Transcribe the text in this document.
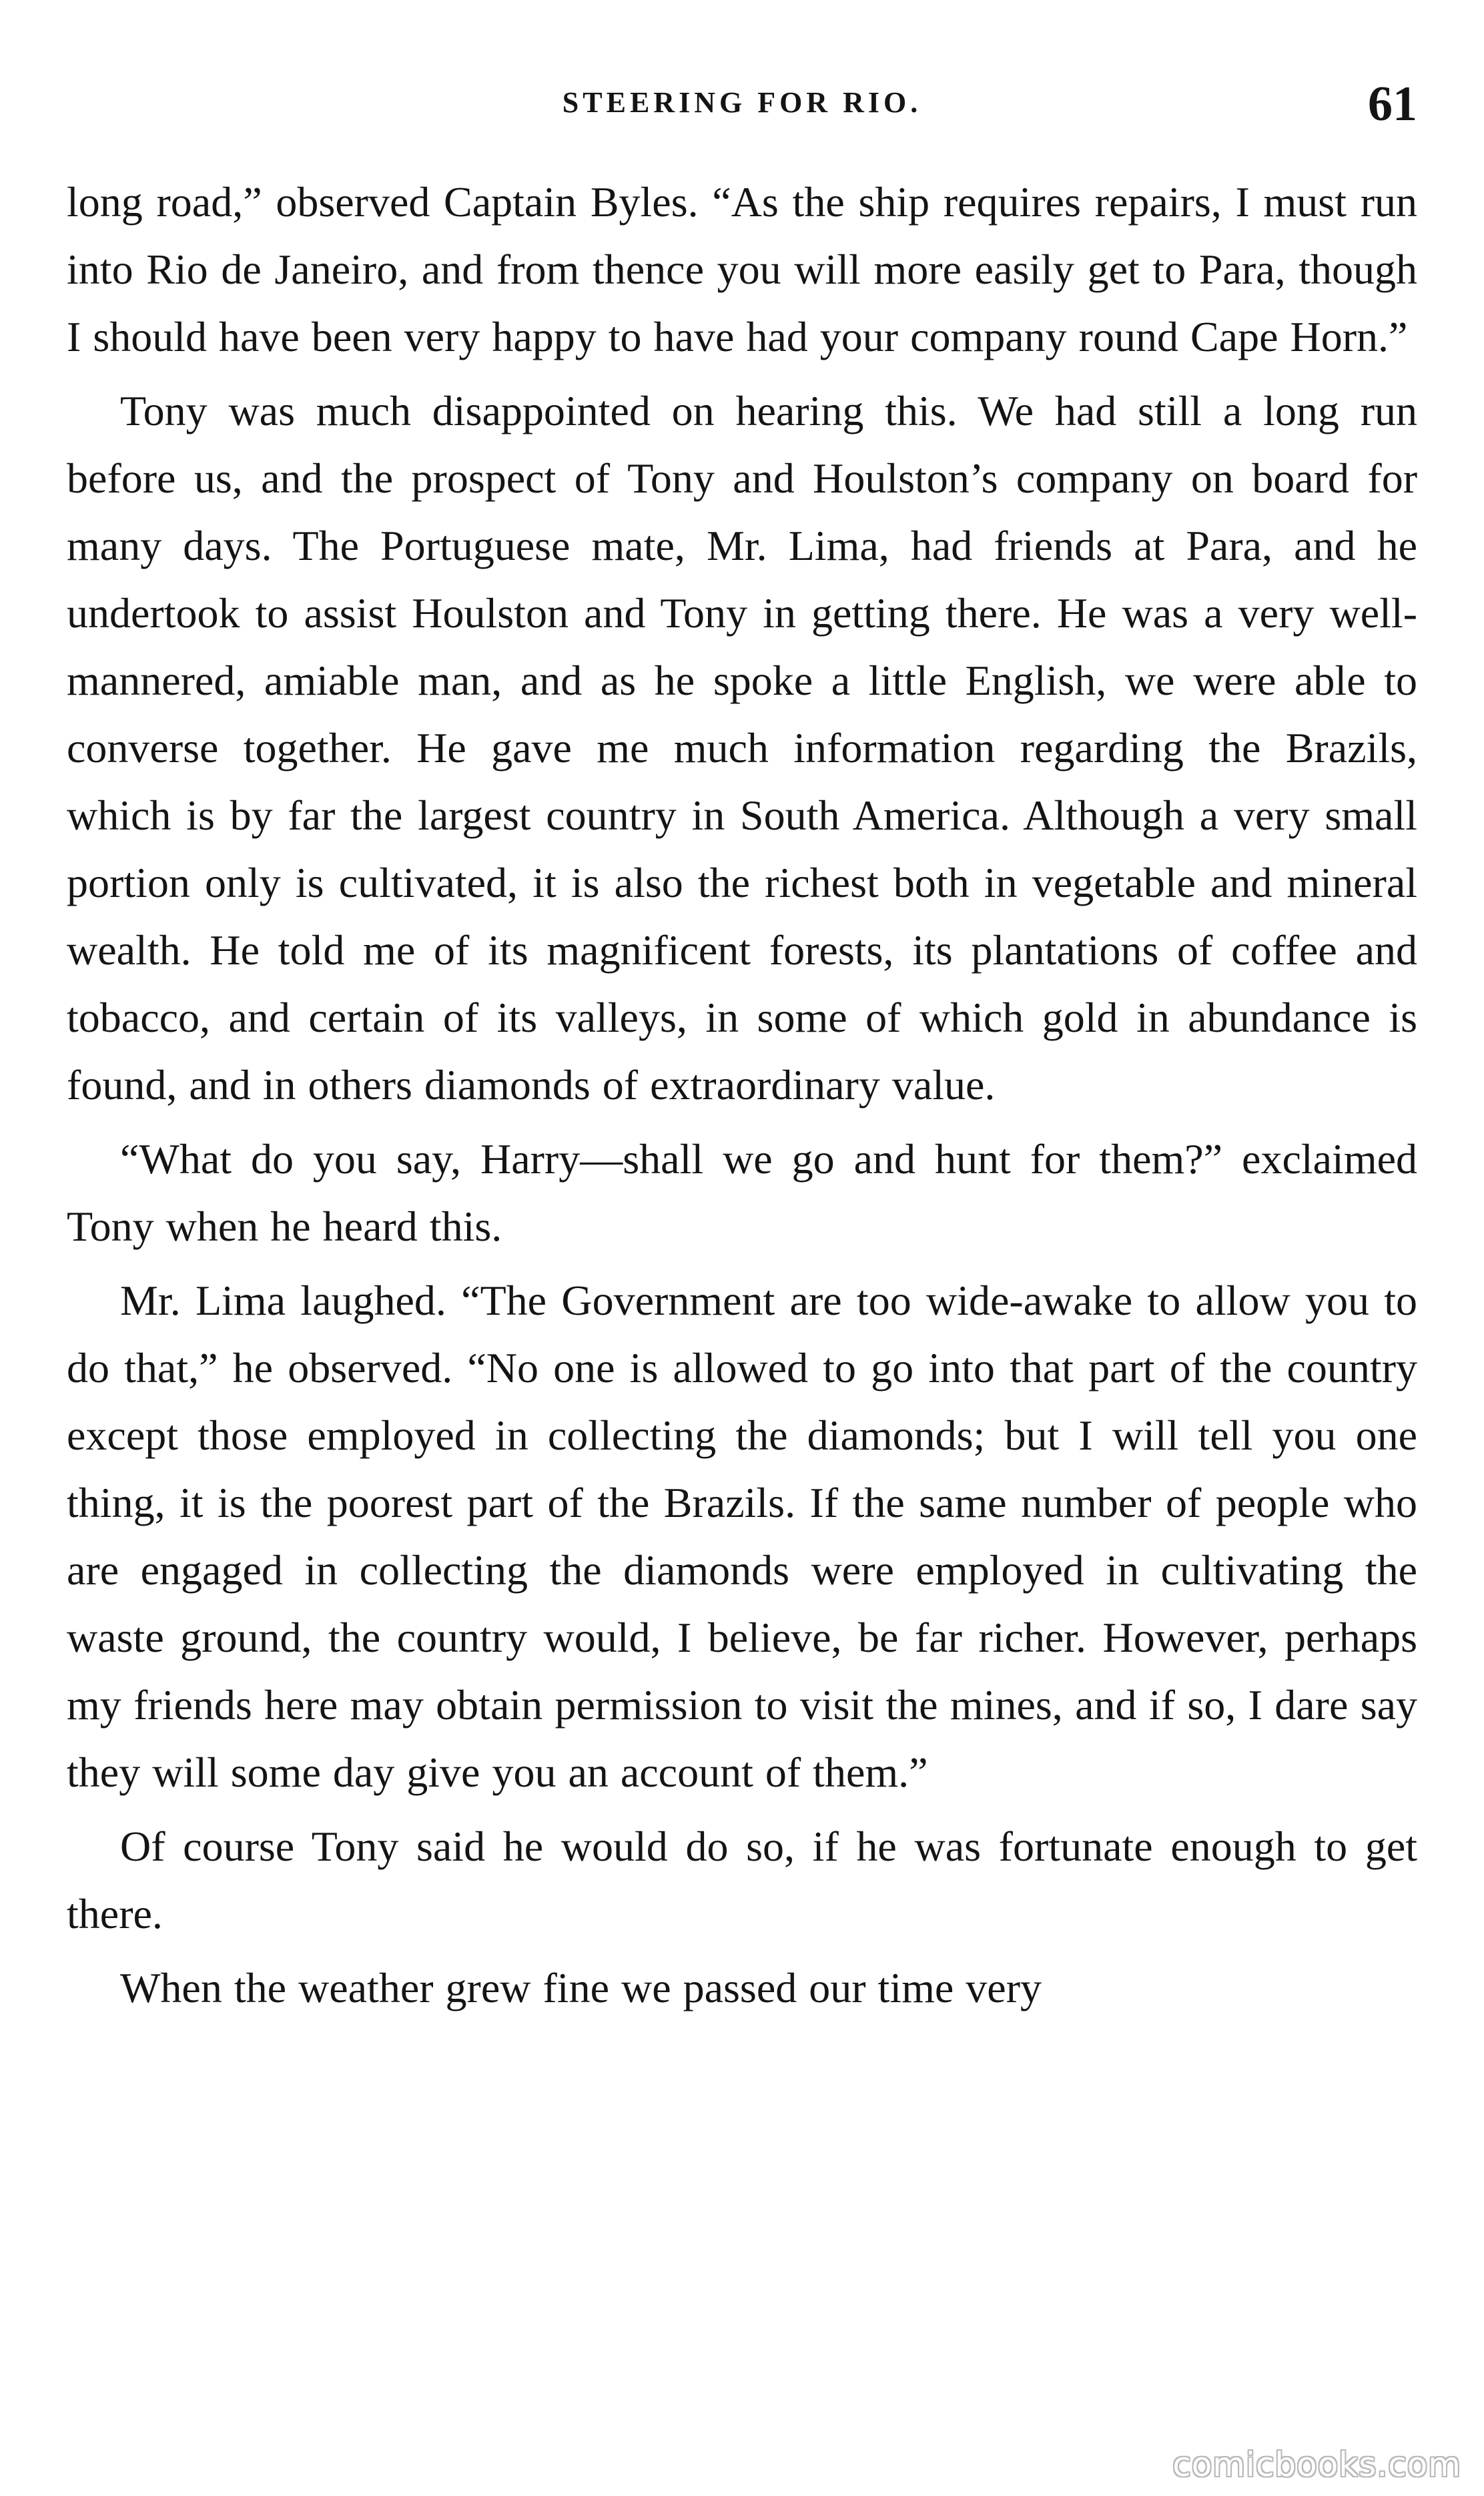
STEERING FOR RIO.	61

long road,” observed Captain Byles. “As the ship requires repairs, I must run into Rio de Janeiro, and from thence you will more easily get to Para, though I should have been very happy to have had your company round Cape Horn.”

Tony was much disappointed on hearing this. We had still a long run before us, and the prospect of Tony and Houlston’s company on board for many days. The Portuguese mate, Mr. Lima, had friends at Para, and he undertook to assist Houlston and Tony in getting there. He was a very well-mannered, amiable man, and as he spoke a little English, we were able to converse together. He gave me much information regarding the Brazils, which is by far the largest country in South America. Although a very small portion only is cultivated, it is also the richest both in vegetable and mineral wealth. He told me of its magnificent forests, its plantations of coffee and tobacco, and certain of its valleys, in some of which gold in abundance is found, and in others diamonds of extraordinary value.

“What do you say, Harry—shall we go and hunt for them?” exclaimed Tony when he heard this.

Mr. Lima laughed. “The Government are too wide-awake to allow you to do that,” he observed. “No one is allowed to go into that part of the country except those employed in collecting the diamonds; but I will tell you one thing, it is the poorest part of the Brazils. If the same number of people who are engaged in collecting the diamonds were employed in cultivating the waste ground, the country would, I believe, be far richer. However, perhaps my friends here may obtain permission to visit the mines, and if so, I dare say they will some day give you an account of them.”

Of course Tony said he would do so, if he was fortunate enough to get there.

When the weather grew fine we passed our time very

comicbooks.com
